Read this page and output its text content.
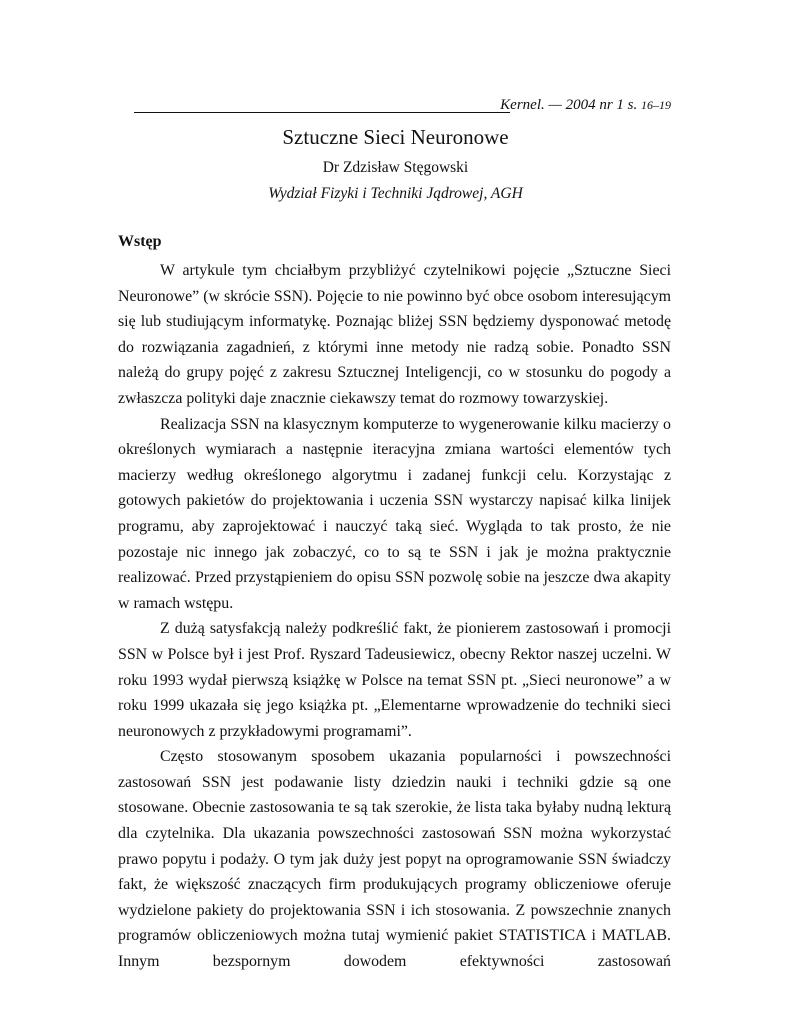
Kernel. — 2004 nr 1 s. 16–19
Sztuczne Sieci Neuronowe
Dr Zdzisław Stęgowski
Wydział Fizyki i Techniki Jądrowej, AGH
Wstęp

W artykule tym chciałbym przybliżyć czytelnikowi pojęcie „Sztuczne Sieci Neuronowe” (w skrócie SSN). Pojęcie to nie powinno być obce osobom interesującym się lub studiującym informatykę. Poznając bliżej SSN będziemy dysponować metodę do rozwiązania zagadnień, z którymi inne metody nie radzą sobie. Ponadto SSN należą do grupy pojęć z zakresu Sztucznej Inteligencji, co w stosunku do pogody a zwłaszcza polityki daje znacznie ciekawszy temat do rozmowy towarzyskiej.

Realizacja SSN na klasycznym komputerze to wygenerowanie kilku macierzy o określonych wymiarach a następnie iteracyjna zmiana wartości elementów tych macierzy według określonego algorytmu i zadanej funkcji celu. Korzystając z gotowych pakietów do projektowania i uczenia SSN wystarczy napisać kilka linijek programu, aby zaprojektować i nauczyć taką sieć. Wygląda to tak prosto, że nie pozostaje nic innego jak zobaczyć, co to są te SSN i jak je można praktycznie realizować. Przed przystąpieniem do opisu SSN pozwolę sobie na jeszcze dwa akapity w ramach wstępu.

Z dużą satysfakcją należy podkreślić fakt, że pionierem zastosowań i promocji SSN w Polsce był i jest Prof. Ryszard Tadeusiewicz, obecny Rektor naszej uczelni. W roku 1993 wydał pierwszą książkę w Polsce na temat SSN pt. „Sieci neuronowe” a w roku 1999 ukazała się jego książka pt. „Elementarne wprowadzenie do techniki sieci neuronowych z przykładowymi programami”.

Często stosowanym sposobem ukazania popularności i powszechności zastosowań SSN jest podawanie listy dziedzin nauki i techniki gdzie są one stosowane. Obecnie zastosowania te są tak szerokie, że lista taka byłaby nudną lekturą dla czytelnika. Dla ukazania powszechności zastosowań SSN można wykorzystać prawo popytu i podaży. O tym jak duży jest popyt na oprogramowanie SSN świadczy fakt, że większość znaczących firm produkujących programy obliczeniowe oferuje wydzielone pakiety do projektowania SSN i ich stosowania. Z powszechnie znanych programów obliczeniowych można tutaj wymienić pakiet STATISTICA i MATLAB. Innym bezspornym dowodem efektywności zastosowań
